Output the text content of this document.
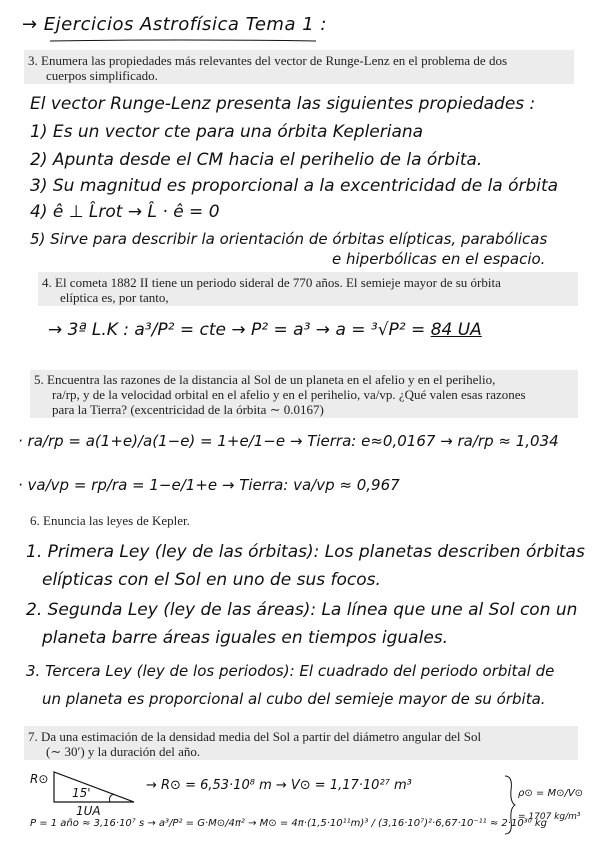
→ Ejercicios Astrofísica Tema 1 :
3. Enumera las propiedades más relevantes del vector de Runge-Lenz en el problema de dos
cuerpos simplificado.
El vector Runge-Lenz presenta las siguientes propiedades :
1) Es un vector cte para una órbita Kepleriana
2) Apunta desde el CM hacia el perihelio de la órbita.
3) Su magnitud es proporcional a la excentricidad de la órbita
4) ê ⊥ L̂rot → L̂ · ê = 0
5) Sirve para describir la orientación de órbitas elípticas, parabólicas
e hiperbólicas en el espacio.
4. El cometa 1882 II tiene un periodo sideral de 770 años. El semieje mayor de su órbita
elíptica es, por tanto,
→ 3ª L.K : a³/P² = cte → P² = a³ → a = ³√P² = 84 UA
5. Encuentra las razones de la distancia al Sol de un planeta en el afelio y en el perihelio,
ra/rp, y de la velocidad orbital en el afelio y en el perihelio, va/vp. ¿Qué valen esas razones
para la Tierra? (excentricidad de la órbita ∼ 0.0167)
· ra/rp = a(1+e)/a(1−e) = 1+e/1−e → Tierra: e≈0,0167 → ra/rp ≈ 1,034
· va/vp = rp/ra = 1−e/1+e → Tierra: va/vp ≈ 0,967
6. Enuncia las leyes de Kepler.
1. Primera Ley (ley de las órbitas): Los planetas describen órbitas
elípticas con el Sol en uno de sus focos.
2. Segunda Ley (ley de las áreas): La línea que une al Sol con un
planeta barre áreas iguales en tiempos iguales.
3. Tercera Ley (ley de los periodos): El cuadrado del periodo orbital de
un planeta es proporcional al cubo del semieje mayor de su órbita.
7. Da una estimación de la densidad media del Sol a partir del diámetro angular del Sol
(∼ 30′) y la duración del año.
R⊙
15'
1UA
→ R⊙ = 6,53·10⁸ m → V⊙ = 1,17·10²⁷ m³
P = 1 año ≈ 3,16·10⁷ s → a³/P² = G·M⊙/4π² → M⊙ = 4π·(1,5·10¹¹m)³ / (3,16·10⁷)²·6,67·10⁻¹¹ ≈ 2·10³⁰ kg
ρ⊙ = M⊙/V⊙
= 1707 kg/m³
